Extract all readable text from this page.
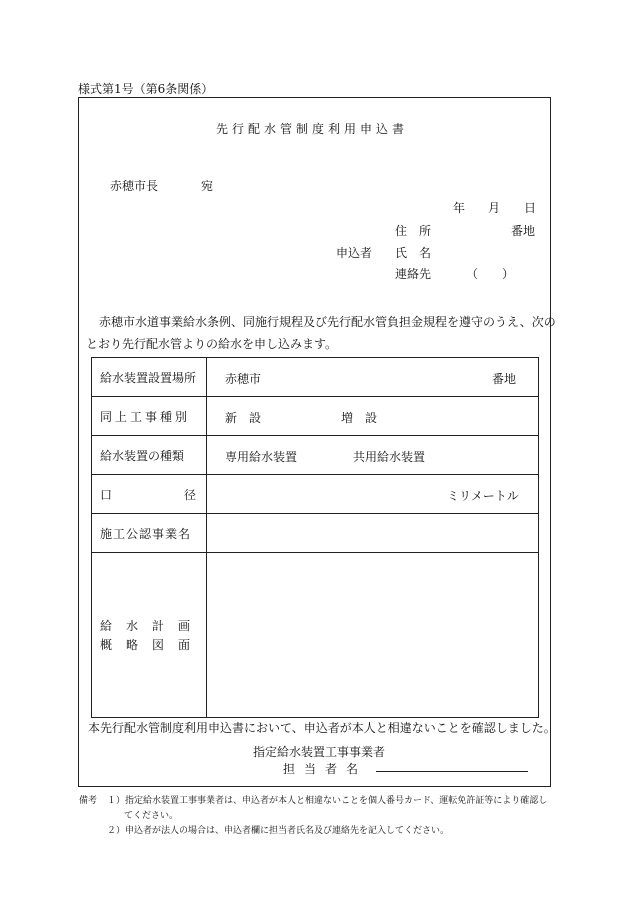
様式第1号（第6条関係）
先行配水管制度利用申込書
赤穂市長	宛
年 月 日
住　所	番地
申込者 氏　名
連絡先	（　　）
赤穂市水道事業給水条例、同施行規程及び先行配水管負担金規程を遵守のうえ、次の
とおり先行配水管よりの給水を申し込みます。
給水装置設置場所	赤穂市 番地

同上工事種別	新　設 増　設

給水装置の種類	専用給水装置 共用給水装置

口 径	ミリメートル

施工公認事業名	

給水計画
概略図面	

本先行配水管制度利用申込書において、申込者が本人と相違ないことを確認しました。
指定給水装置工事事業者
担当者名
備考 １）指定給水装置工事事業者は、申込者が本人と相違ないことを個人番号カード、運転免許証等により確認し
てください。
２）申込者が法人の場合は、申込者欄に担当者氏名及び連絡先を記入してください。
